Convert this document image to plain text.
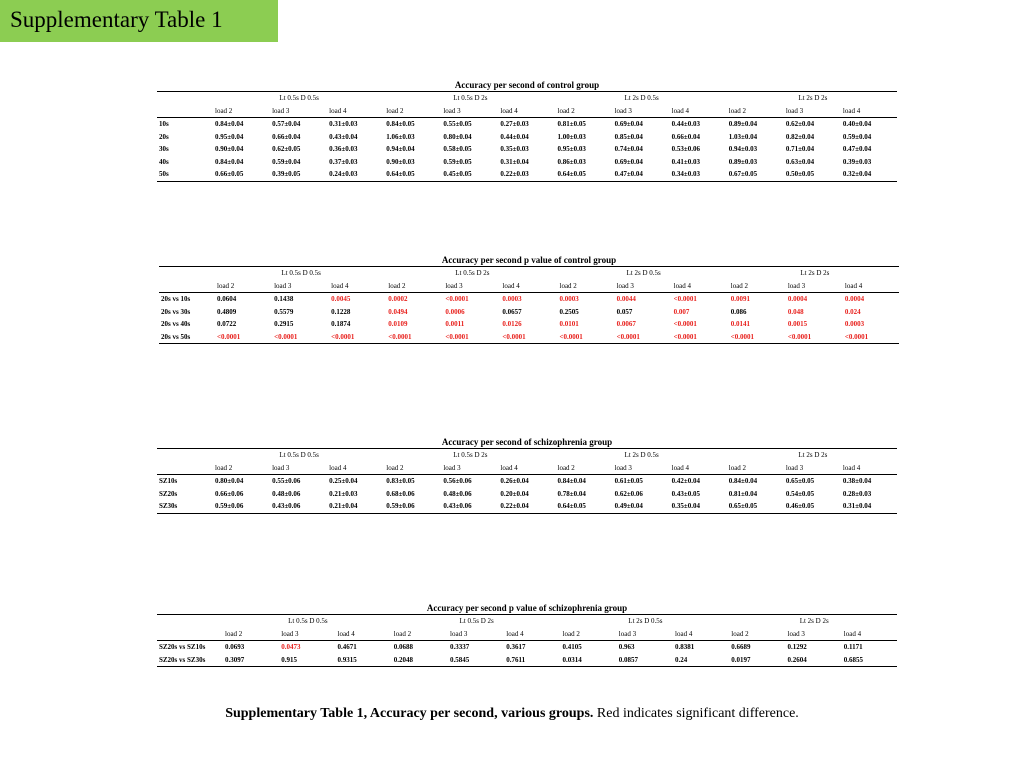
Supplementary Table 1
Accuracy per second of control group
	Lt 0.5s D 0.5s			Lt 0.5s D 2s			Lt 2s D 0.5s			Lt 2s D 2s		
	load 2	load 3	load 4	load 2	load 3	load 4	load 2	load 3	load 4	load 2	load 3	load 4
10s	0.84±0.04	0.57±0.04	0.31±0.03	0.84±0.05	0.55±0.05	0.27±0.03	0.81±0.05	0.69±0.04	0.44±0.03	0.89±0.04	0.62±0.04	0.40±0.04
20s	0.95±0.04	0.66±0.04	0.43±0.04	1.06±0.03	0.80±0.04	0.44±0.04	1.00±0.03	0.85±0.04	0.66±0.04	1.03±0.04	0.82±0.04	0.59±0.04
30s	0.90±0.04	0.62±0.05	0.36±0.03	0.94±0.04	0.58±0.05	0.35±0.03	0.95±0.03	0.74±0.04	0.53±0.06	0.94±0.03	0.71±0.04	0.47±0.04
40s	0.84±0.04	0.59±0.04	0.37±0.03	0.90±0.03	0.59±0.05	0.31±0.04	0.86±0.03	0.69±0.04	0.41±0.03	0.89±0.03	0.63±0.04	0.39±0.03
50s	0.66±0.05	0.39±0.05	0.24±0.03	0.64±0.05	0.45±0.05	0.22±0.03	0.64±0.05	0.47±0.04	0.34±0.03	0.67±0.05	0.50±0.05	0.32±0.04
Accuracy per second p value of control group
	Lt 0.5s D 0.5s			Lt 0.5s D 2s			Lt 2s D 0.5s			Lt 2s D 2s		
	load 2	load 3	load 4	load 2	load 3	load 4	load 2	load 3	load 4	load 2	load 3	load 4
20s vs 10s	0.0604	0.1438	0.0045	0.0002	<0.0001	0.0003	0.0003	0.0044	<0.0001	0.0091	0.0004	0.0004
20s vs 30s	0.4809	0.5579	0.1228	0.0494	0.0006	0.0657	0.2505	0.057	0.007	0.086	0.048	0.024
20s vs 40s	0.0722	0.2915	0.1874	0.0109	0.0011	0.0126	0.0101	0.0067	<0.0001	0.0141	0.0015	0.0003
20s vs 50s	<0.0001	<0.0001	<0.0001	<0.0001	<0.0001	<0.0001	<0.0001	<0.0001	<0.0001	<0.0001	<0.0001	<0.0001
Accuracy per second of schizophrenia group
	Lt 0.5s D 0.5s			Lt 0.5s D 2s			Lt 2s D 0.5s			Lt 2s D 2s		
	load 2	load 3	load 4	load 2	load 3	load 4	load 2	load 3	load 4	load 2	load 3	load 4
SZ10s	0.80±0.04	0.55±0.06	0.25±0.04	0.83±0.05	0.56±0.06	0.26±0.04	0.84±0.04	0.61±0.05	0.42±0.04	0.84±0.04	0.65±0.05	0.38±0.04
SZ20s	0.66±0.06	0.48±0.06	0.21±0.03	0.68±0.06	0.48±0.06	0.20±0.04	0.78±0.04	0.62±0.06	0.43±0.05	0.81±0.04	0.54±0.05	0.28±0.03
SZ30s	0.59±0.06	0.43±0.06	0.21±0.04	0.59±0.06	0.43±0.06	0.22±0.04	0.64±0.05	0.49±0.04	0.35±0.04	0.65±0.05	0.46±0.05	0.31±0.04
Accuracy per second p value of schizophrenia group
	Lt 0.5s D 0.5s			Lt 0.5s D 2s			Lt 2s D 0.5s			Lt 2s D 2s		
	load 2	load 3	load 4	load 2	load 3	load 4	load 2	load 3	load 4	load 2	load 3	load 4
SZ20s vs SZ10s	0.0693	0.0473	0.4671	0.0688	0.3337	0.3617	0.4105	0.963	0.8381	0.6689	0.1292	0.1171
SZ20s vs SZ30s	0.3097	0.915	0.9315	0.2048	0.5845	0.7611	0.0314	0.0857	0.24	0.0197	0.2604	0.6855
Supplementary Table 1, Accuracy per second, various groups. Red indicates significant difference.
